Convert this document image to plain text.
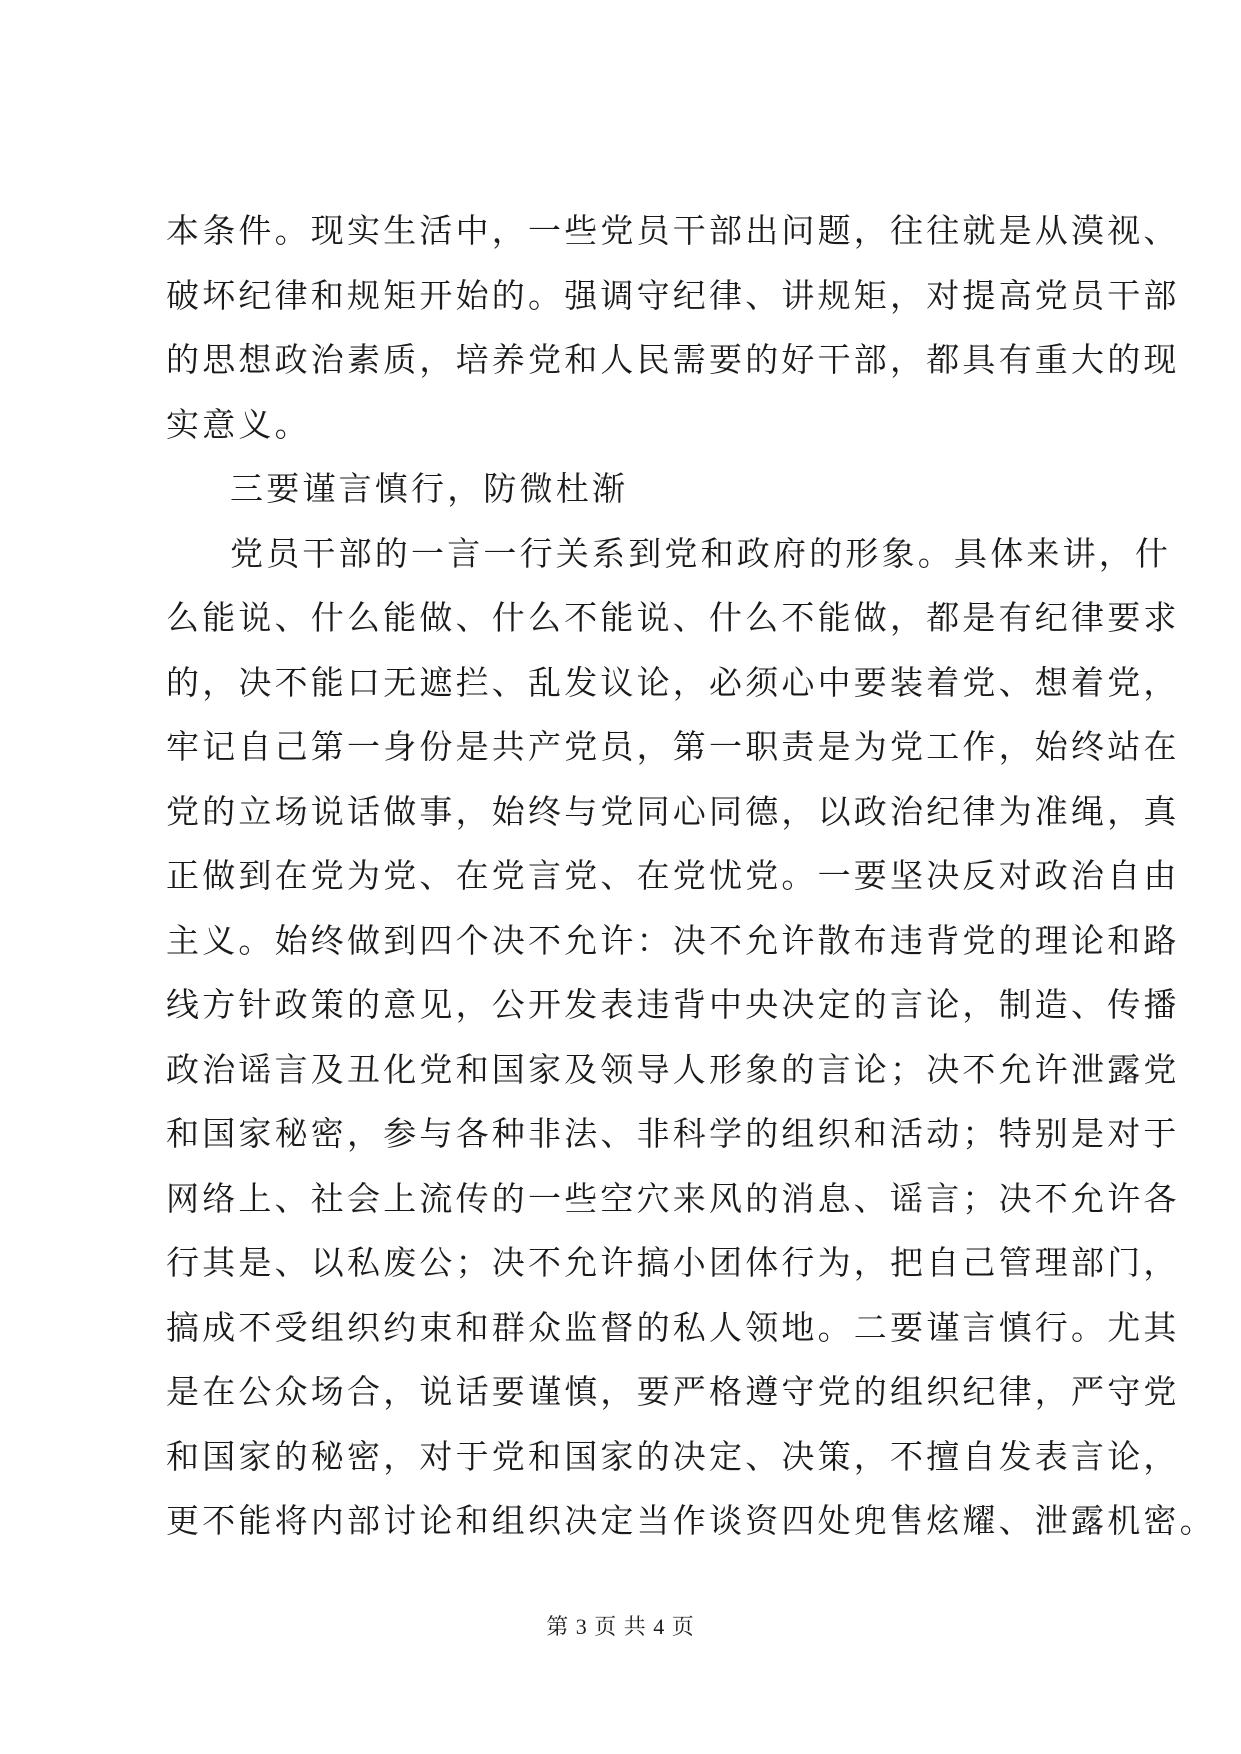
本条件。现实生活中，一些党员干部出问题，往往就是从漠视、
破坏纪律和规矩开始的。强调守纪律、讲规矩，对提高党员干部
的思想政治素质，培养党和人民需要的好干部，都具有重大的现
实意义。
三要谨言慎行，防微杜渐
党员干部的一言一行关系到党和政府的形象。具体来讲，什
么能说、什么能做、什么不能说、什么不能做，都是有纪律要求
的，决不能口无遮拦、乱发议论，必须心中要装着党、想着党，
牢记自己第一身份是共产党员，第一职责是为党工作，始终站在
党的立场说话做事，始终与党同心同德，以政治纪律为准绳，真
正做到在党为党、在党言党、在党忧党。一要坚决反对政治自由
主义。始终做到四个决不允许：决不允许散布违背党的理论和路
线方针政策的意见，公开发表违背中央决定的言论，制造、传播
政治谣言及丑化党和国家及领导人形象的言论；决不允许泄露党
和国家秘密，参与各种非法、非科学的组织和活动；特别是对于
网络上、社会上流传的一些空穴来风的消息、谣言；决不允许各
行其是、以私废公；决不允许搞小团体行为，把自己管理部门，
搞成不受组织约束和群众监督的私人领地。二要谨言慎行。尤其
是在公众场合，说话要谨慎，要严格遵守党的组织纪律，严守党
和国家的秘密，对于党和国家的决定、决策，不擅自发表言论，
更不能将内部讨论和组织决定当作谈资四处兜售炫耀、泄露机密。
第 3 页 共 4 页
